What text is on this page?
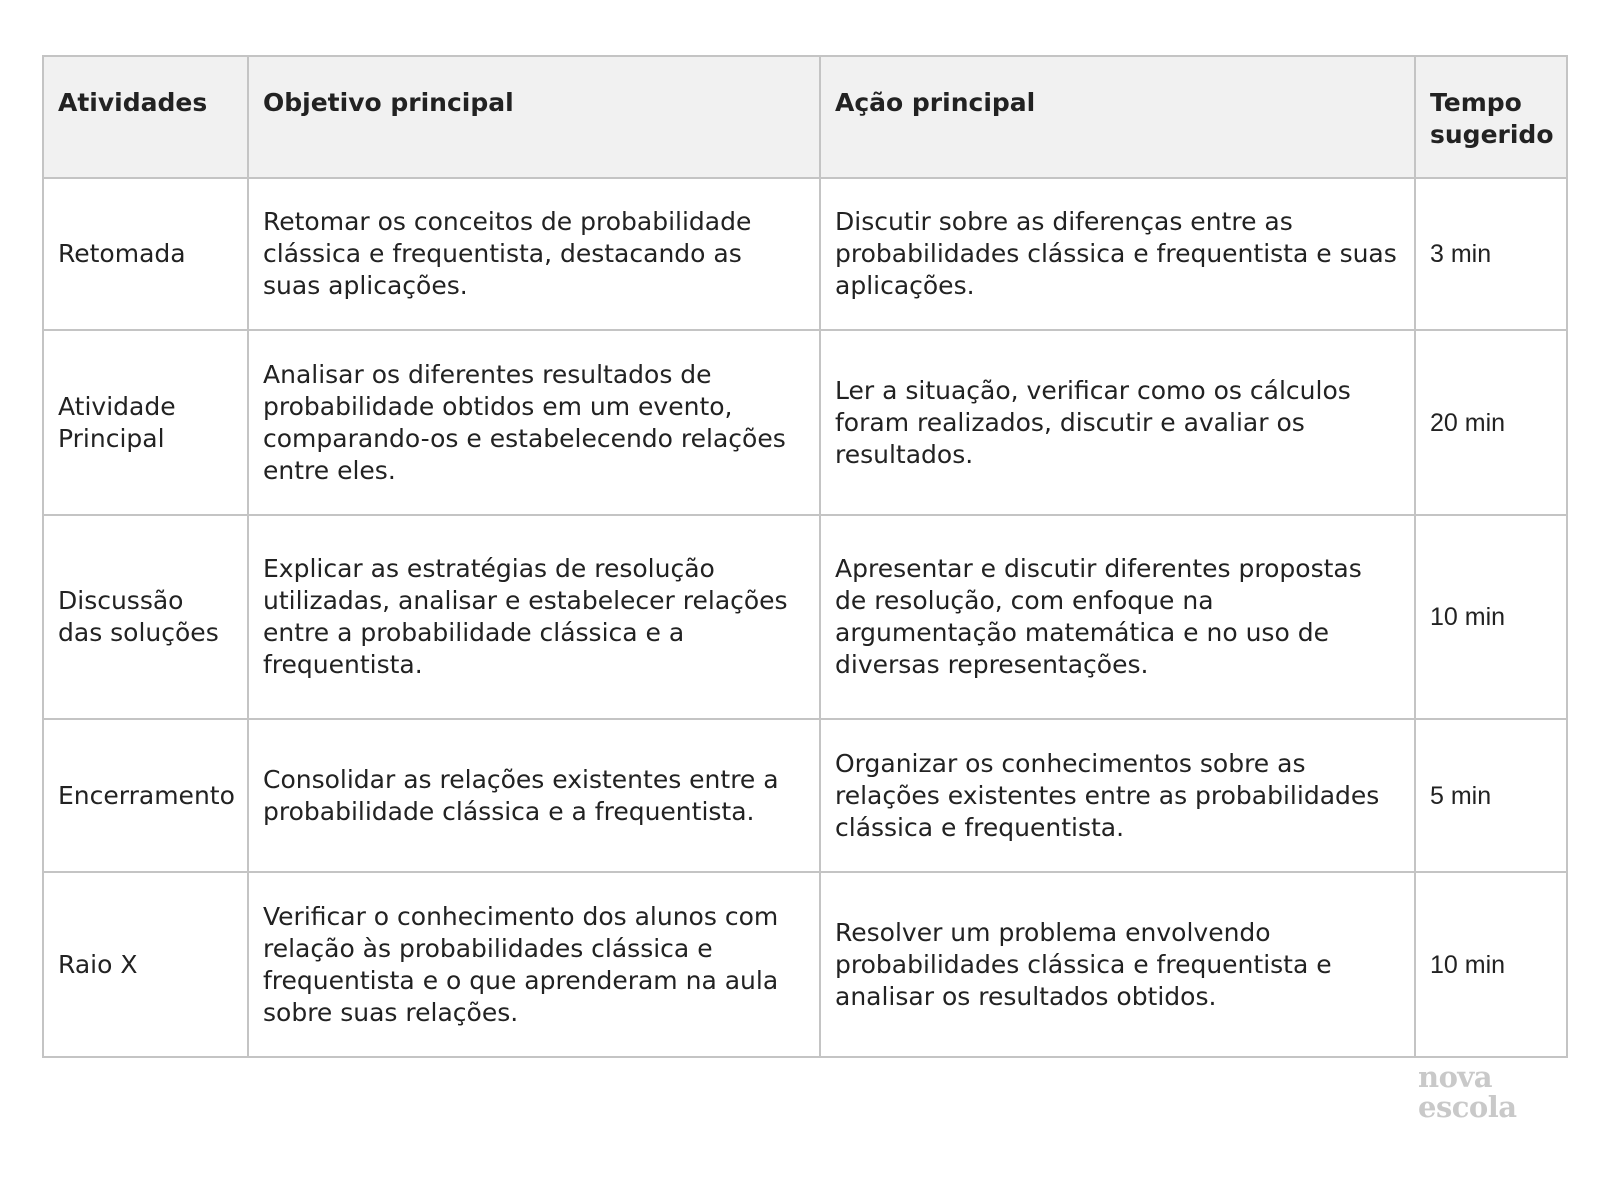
Atividades	Objetivo principal	Ação principal	Tempo sugerido
Retomada	Retomar os conceitos de probabilidade clássica e frequentista, destacando as suas aplicações.	Discutir sobre as diferenças entre as probabilidades clássica e frequentista e suas aplicações.	3 min
Atividade Principal	Analisar os diferentes resultados de probabilidade obtidos em um evento, comparando-os e estabelecendo relações entre eles.	Ler a situação, verificar como os cálculos foram realizados, discutir e avaliar os resultados.	20 min
Discussão das soluções	Explicar as estratégias de resolução utilizadas, analisar e estabelecer relações entre a probabilidade clássica e a frequentista.	Apresentar e discutir diferentes propostas de resolução, com enfoque na argumentação matemática e no uso de diversas representações.	10 min
Encerramento	Consolidar as relações existentes entre a probabilidade clássica e a frequentista.	Organizar os conhecimentos sobre as relações existentes entre as probabilidades clássica e frequentista.	5 min
Raio X	Verificar o conhecimento dos alunos com relação às probabilidades clássica e frequentista e o que aprenderam na aula sobre suas relações.	Resolver um problema envolvendo probabilidades clássica e frequentista e analisar os resultados obtidos.	10 min
nova
escola
